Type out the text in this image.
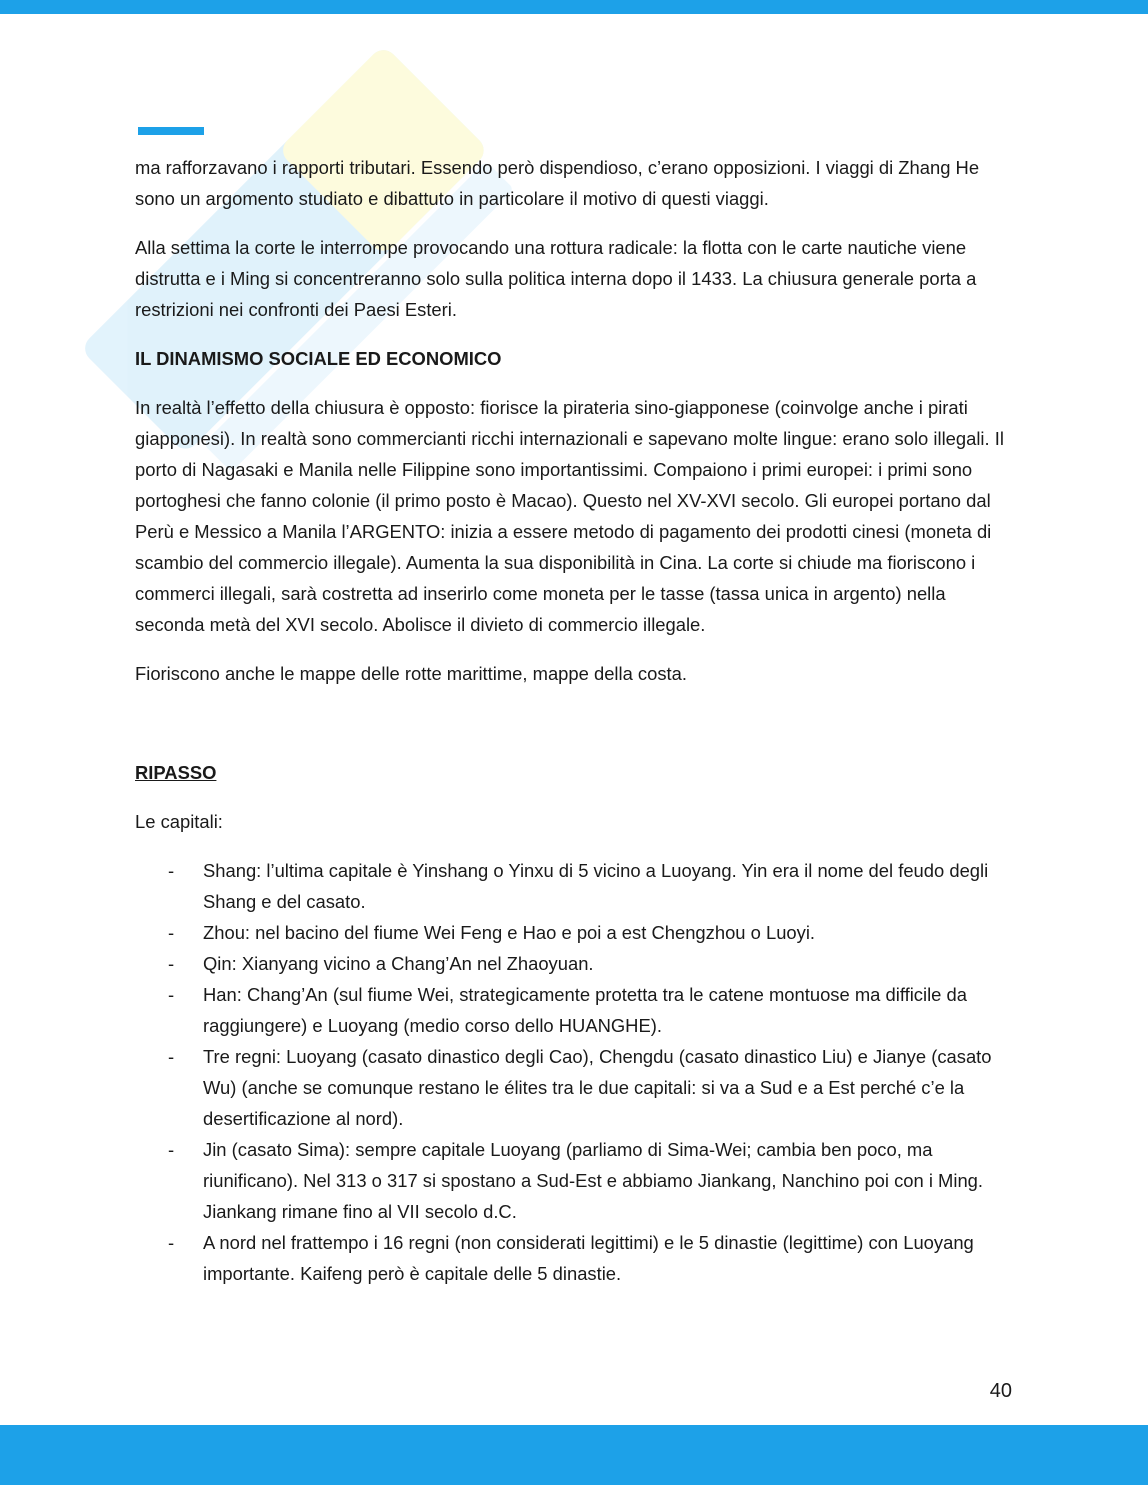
ma rafforzavano i rapporti tributari. Essendo però dispendioso, c’erano opposizioni. I viaggi di Zhang He sono un argomento studiato e dibattuto in particolare il motivo di questi viaggi.

Alla settima la corte le interrompe provocando una rottura radicale: la flotta con le carte nautiche viene distrutta e i Ming si concentreranno solo sulla politica interna dopo il 1433. La chiusura generale porta a restrizioni nei confronti dei Paesi Esteri.

IL DINAMISMO SOCIALE ED ECONOMICO

In realtà l’effetto della chiusura è opposto: fiorisce la pirateria sino-giapponese (coinvolge anche i pirati giapponesi). In realtà sono commercianti ricchi internazionali e sapevano molte lingue: erano solo illegali. Il porto di Nagasaki e Manila nelle Filippine sono importantissimi. Compaiono i primi europei: i primi sono portoghesi che fanno colonie (il primo posto è Macao). Questo nel XV-XVI secolo. Gli europei portano dal Perù e Messico a Manila l’ARGENTO: inizia a essere metodo di pagamento dei prodotti cinesi (moneta di scambio del commercio illegale). Aumenta la sua disponibilità in Cina. La corte si chiude ma fioriscono i commerci illegali, sarà costretta ad inserirlo come moneta per le tasse (tassa unica in argento) nella seconda metà del XVI secolo. Abolisce il divieto di commercio illegale.

Fioriscono anche le mappe delle rotte marittime, mappe della costa.

RIPASSO

Le capitali:

- Shang: l’ultima capitale è Yinshang o Yinxu di 5 vicino a Luoyang. Yin era il nome del feudo degli Shang e del casato.
- Zhou: nel bacino del fiume Wei Feng e Hao e poi a est Chengzhou o Luoyi.
- Qin: Xianyang vicino a Chang’An nel Zhaoyuan.
- Han: Chang’An (sul fiume Wei, strategicamente protetta tra le catene montuose ma difficile da raggiungere) e Luoyang (medio corso dello HUANGHE).
- Tre regni: Luoyang (casato dinastico degli Cao), Chengdu (casato dinastico Liu) e Jianye (casato Wu) (anche se comunque restano le élites tra le due capitali: si va a Sud e a Est perché c’e la desertificazione al nord).
- Jin (casato Sima): sempre capitale Luoyang (parliamo di Sima-Wei; cambia ben poco, ma riunificano). Nel 313 o 317 si spostano a Sud-Est e abbiamo Jiankang, Nanchino poi con i Ming. Jiankang rimane fino al VII secolo d.C.
- A nord nel frattempo i 16 regni (non considerati legittimi) e le 5 dinastie (legittime) con Luoyang importante. Kaifeng però è capitale delle 5 dinastie.
40
